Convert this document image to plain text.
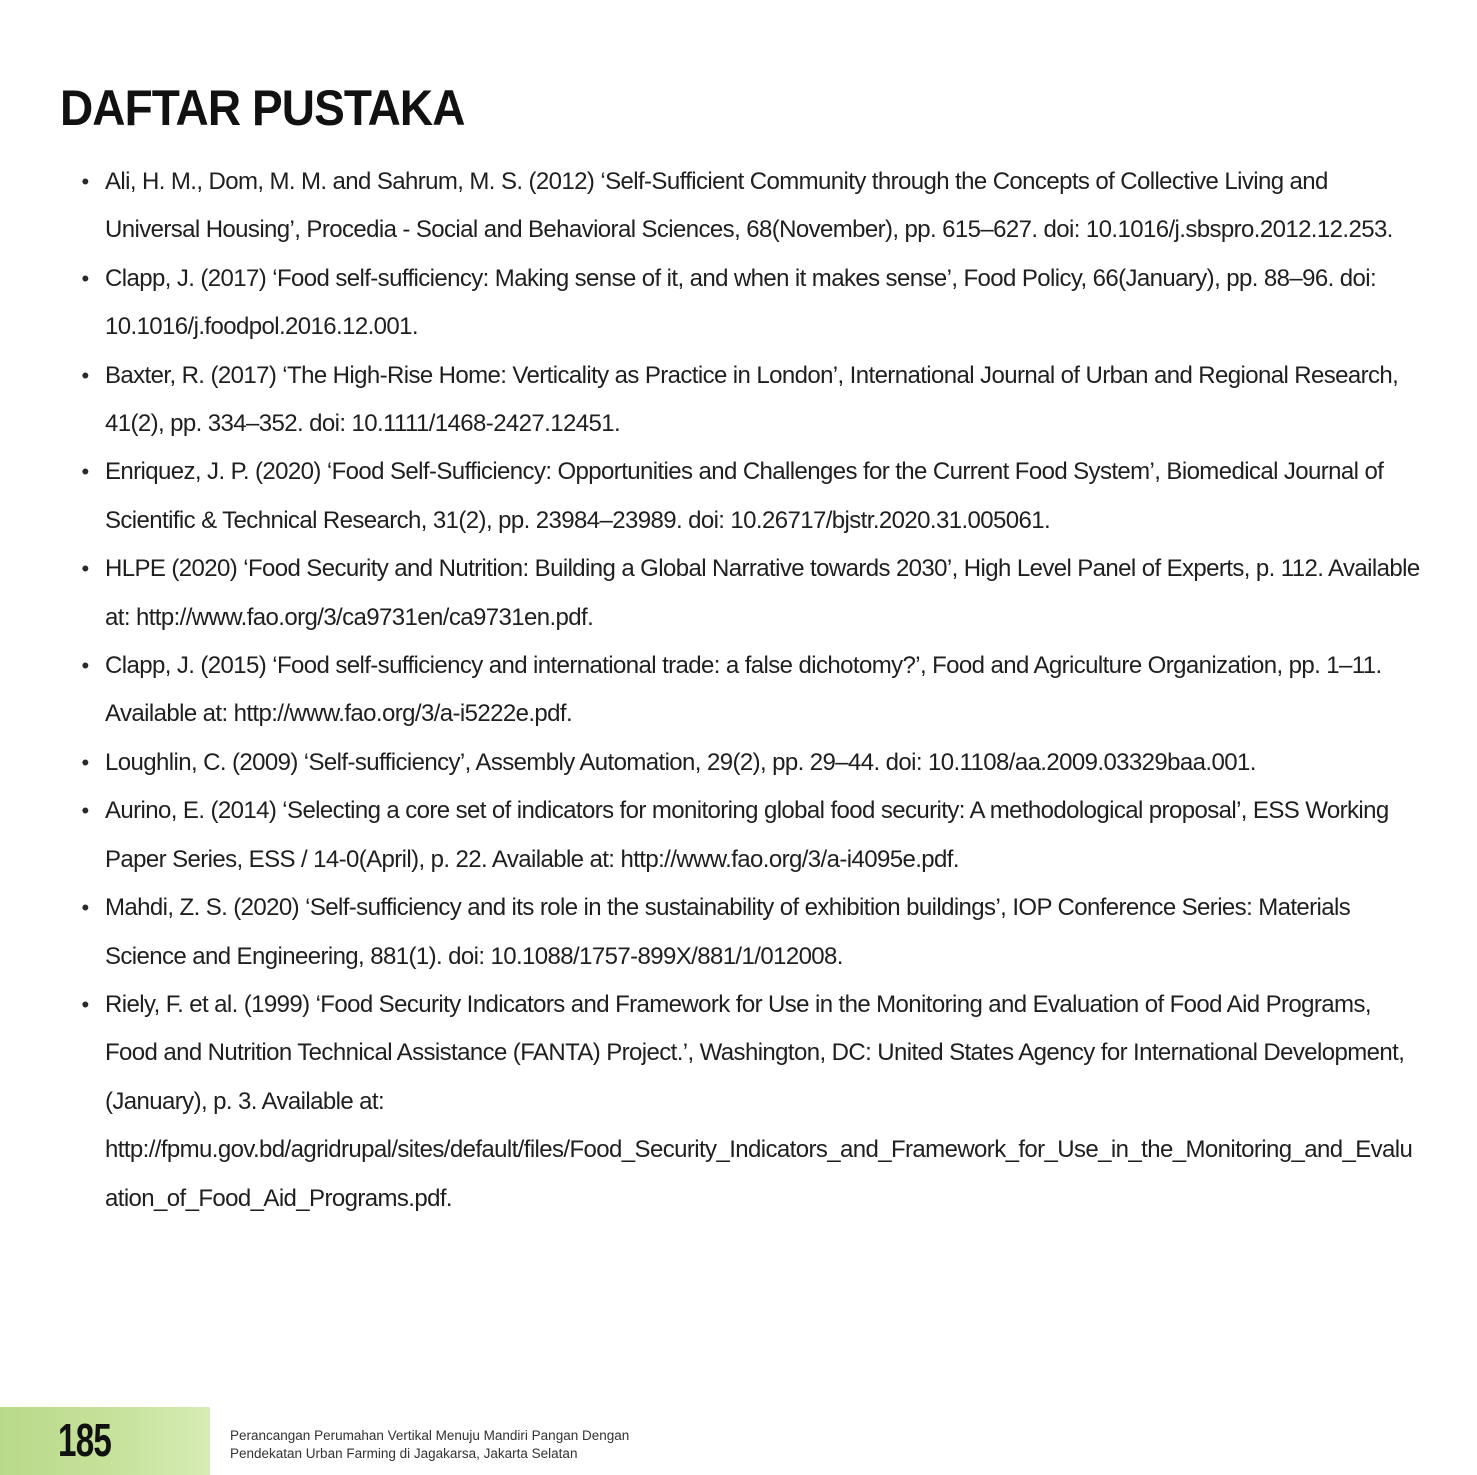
DAFTAR PUSTAKA
• Ali, H. M., Dom, M. M. and Sahrum, M. S. (2012) ‘Self-Sufficient Community through the Concepts of Collective Living and Universal Housing’, Procedia - Social and Behavioral Sciences, 68(November), pp. 615–627. doi: 10.1016/j.sbspro.2012.12.253.
• Clapp, J. (2017) ‘Food self-sufficiency: Making sense of it, and when it makes sense’, Food Policy, 66(January), pp. 88–96. doi: 10.1016/j.foodpol.2016.12.001.
• Baxter, R. (2017) ‘The High-Rise Home: Verticality as Practice in London’, International Journal of Urban and Regional Research, 41(2), pp. 334–352. doi: 10.1111/1468-2427.12451.
• Enriquez, J. P. (2020) ‘Food Self-Sufficiency: Opportunities and Challenges for the Current Food System’, Biomedical Journal of Scientific & Technical Research, 31(2), pp. 23984–23989. doi: 10.26717/bjstr.2020.31.005061.
• HLPE (2020) ‘Food Security and Nutrition: Building a Global Narrative towards 2030’, High Level Panel of Experts, p. 112. Available at: http://www.fao.org/3/ca9731en/ca9731en.pdf.
• Clapp, J. (2015) ‘Food self-sufficiency and international trade: a false dichotomy?’, Food and Agriculture Organization, pp. 1–11. Available at: http://www.fao.org/3/a-i5222e.pdf.
• Loughlin, C. (2009) ‘Self-sufficiency’, Assembly Automation, 29(2), pp. 29–44. doi: 10.1108/aa.2009.03329baa.001.
• Aurino, E. (2014) ‘Selecting a core set of indicators for monitoring global food security: A methodological proposal’, ESS Working Paper Series, ESS / 14-0(April), p. 22. Available at: http://www.fao.org/3/a-i4095e.pdf.
• Mahdi, Z. S. (2020) ‘Self-sufficiency and its role in the sustainability of exhibition buildings’, IOP Conference Series: Materials Science and Engineering, 881(1). doi: 10.1088/1757-899X/881/1/012008.
• Riely, F. et al. (1999) ‘Food Security Indicators and Framework for Use in the Monitoring and Evaluation of Food Aid Programs, Food and Nutrition Technical Assistance (FANTA) Project.’, Washington, DC: United States Agency for International Development, (January), p. 3. Available at: http://fpmu.gov.bd/agridrupal/sites/default/files/Food_Security_Indicators_and_Framework_for_Use_in_the_Monitoring_and_Evaluation_of_Food_Aid_Programs.pdf.
185	Perancangan Perumahan Vertikal Menuju Mandiri Pangan Dengan
Pendekatan Urban Farming di Jagakarsa, Jakarta Selatan
